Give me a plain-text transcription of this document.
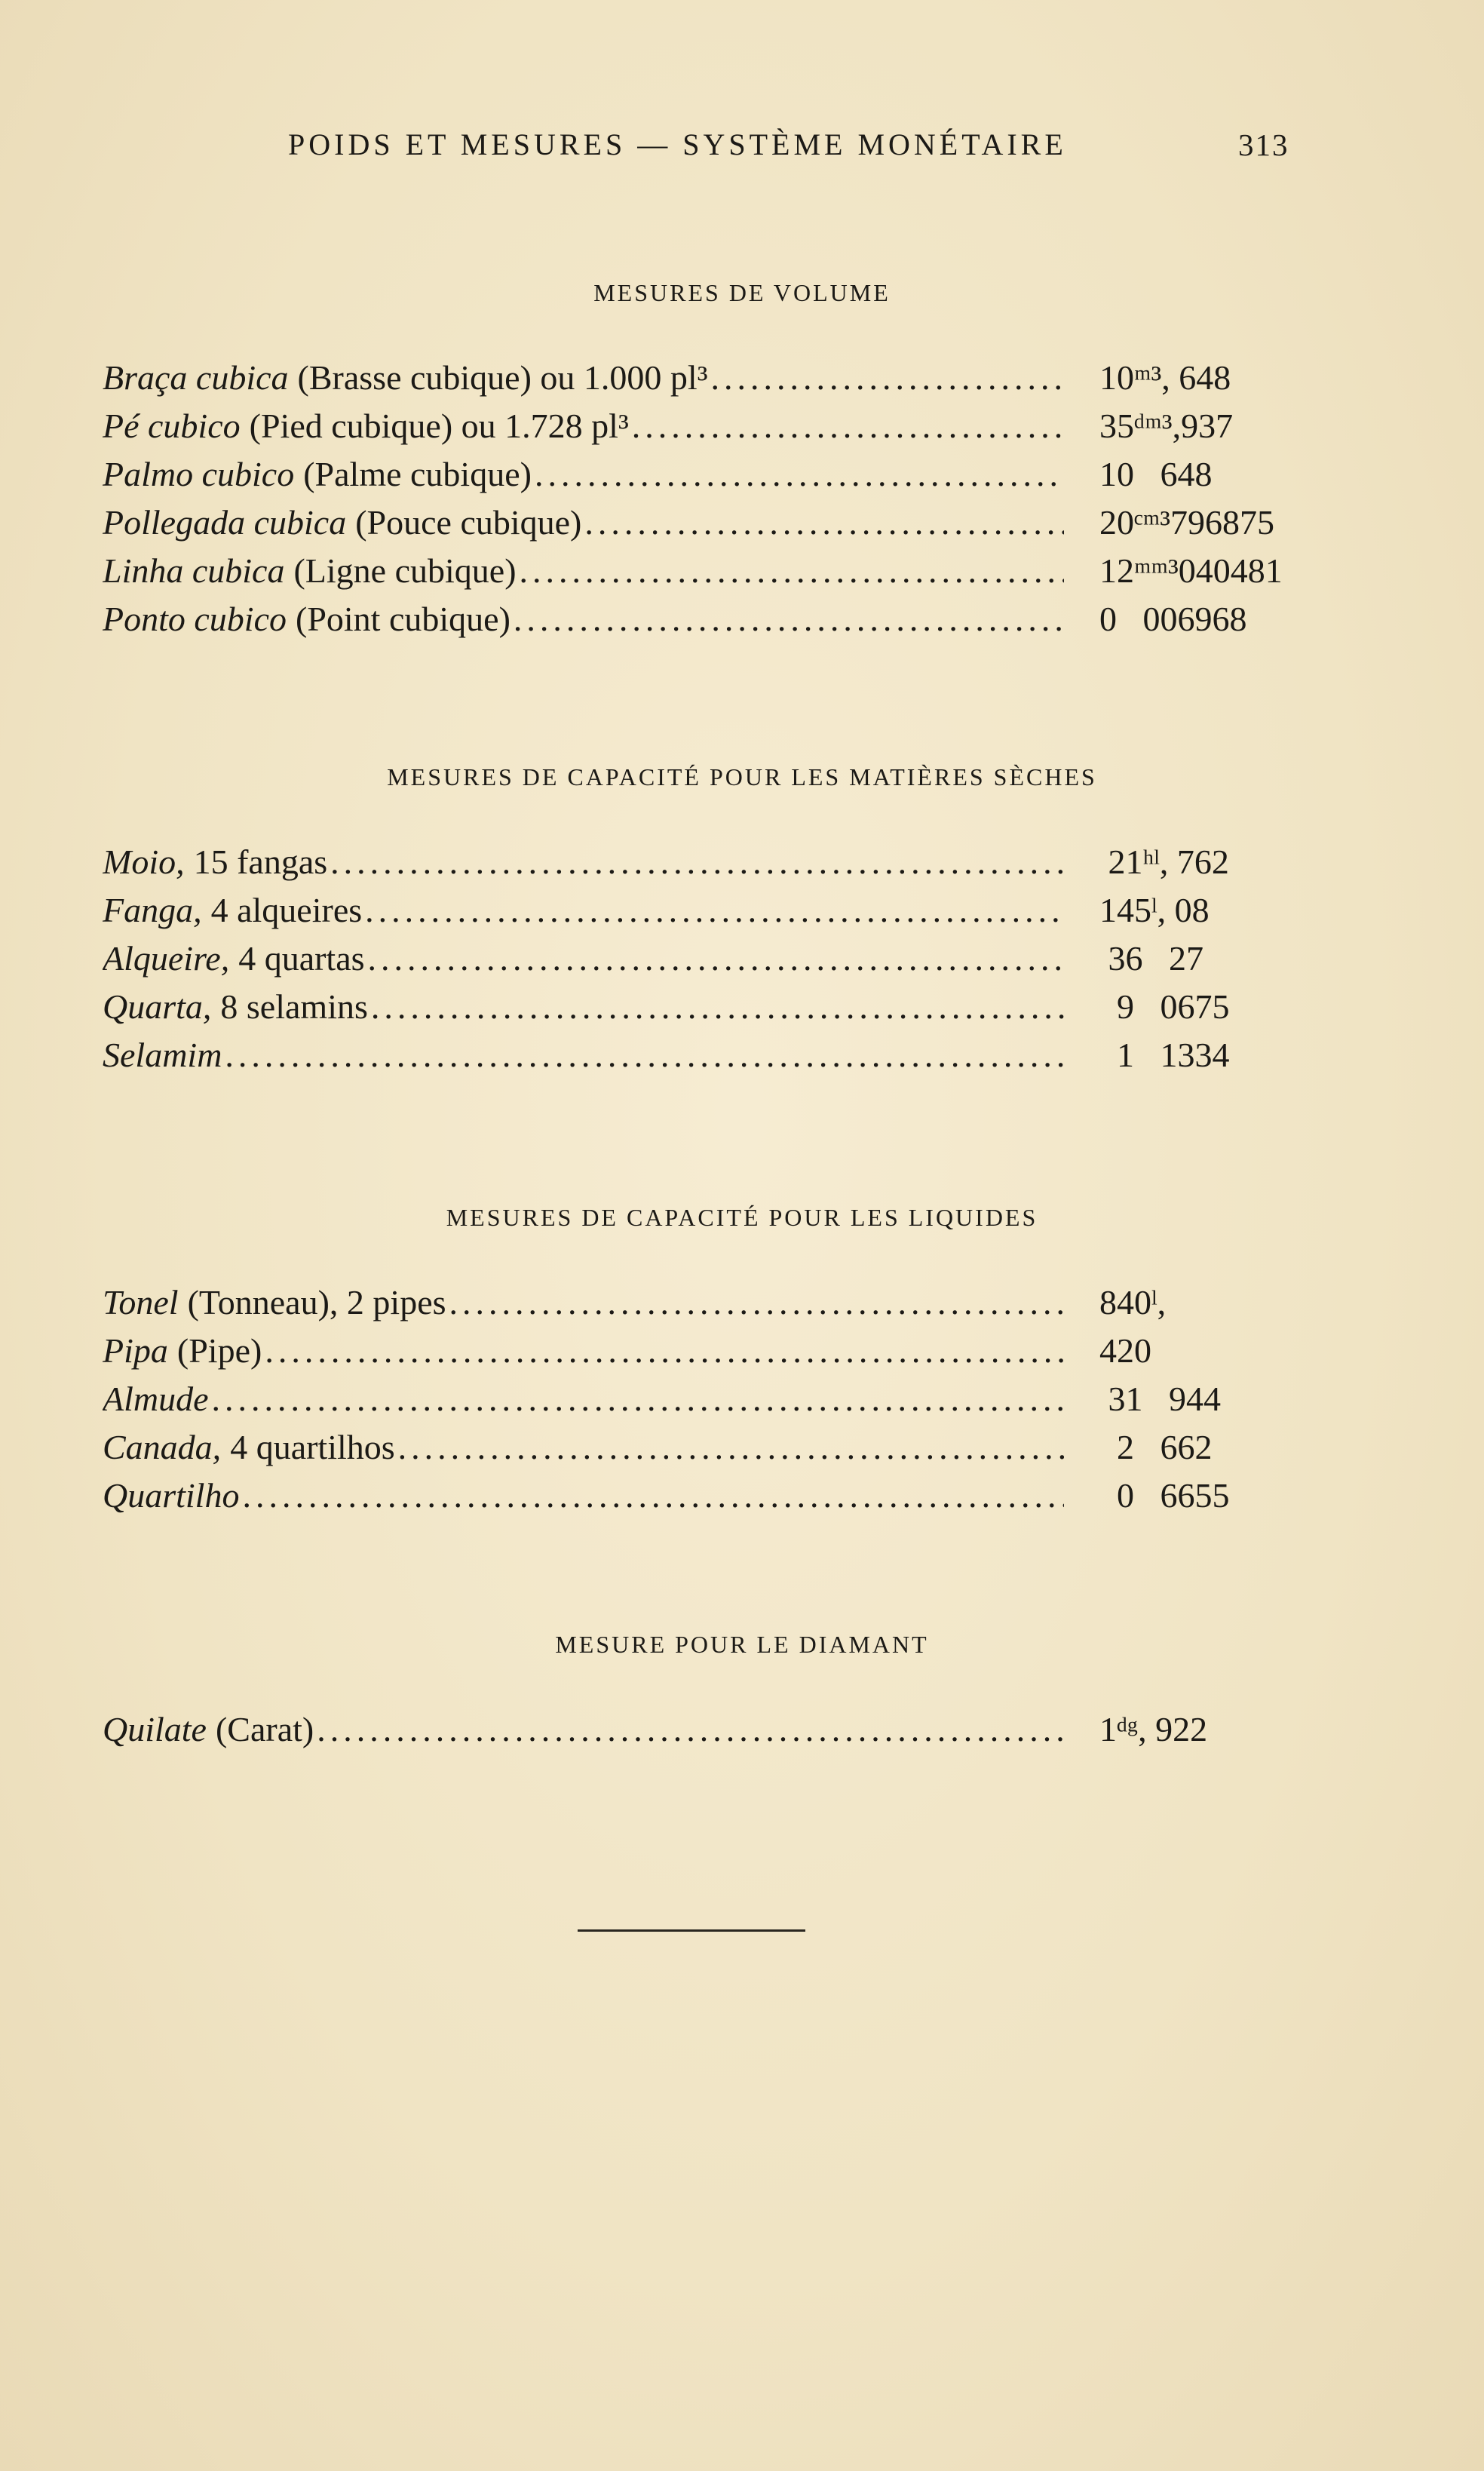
POIDS ET MESURES — SYSTÈME MONÉTAIRE	313
MESURES DE VOLUME
Braça cubica (Brasse cubique) ou 1.000 pl³ .....	10ᵐ³, 648
Pé cubico (Pied cubique) ou 1.728 pl³ .....	35ᵈᵐ³,937
Palmo cubico (Palme cubique) .....	10   648
Pollegada cubica (Pouce cubique) .....	20ᶜᵐ³796875
Linha cubica (Ligne cubique) .....	12ᵐᵐ³040481
Ponto cubico (Point cubique) .....	0   006968
MESURES DE CAPACITÉ POUR LES MATIÈRES SÈCHES
Moio, 15 fangas .....	21ʰˡ, 762
Fanga, 4 alqueires .....	145ˡ, 08
Alqueire, 4 quartas .....	36   27
Quarta, 8 selamins .....	9   0675
Selamim .....	1   1334
MESURES DE CAPACITÉ POUR LES LIQUIDES
Tonel (Tonneau), 2 pipes .....	840ˡ,
Pipa (Pipe) .....	420
Almude .....	31   944
Canada, 4 quartilhos .....	2   662
Quartilho .....	0   6655
MESURE POUR LE DIAMANT
Quilate (Carat) .....	1ᵈᵍ, 922
